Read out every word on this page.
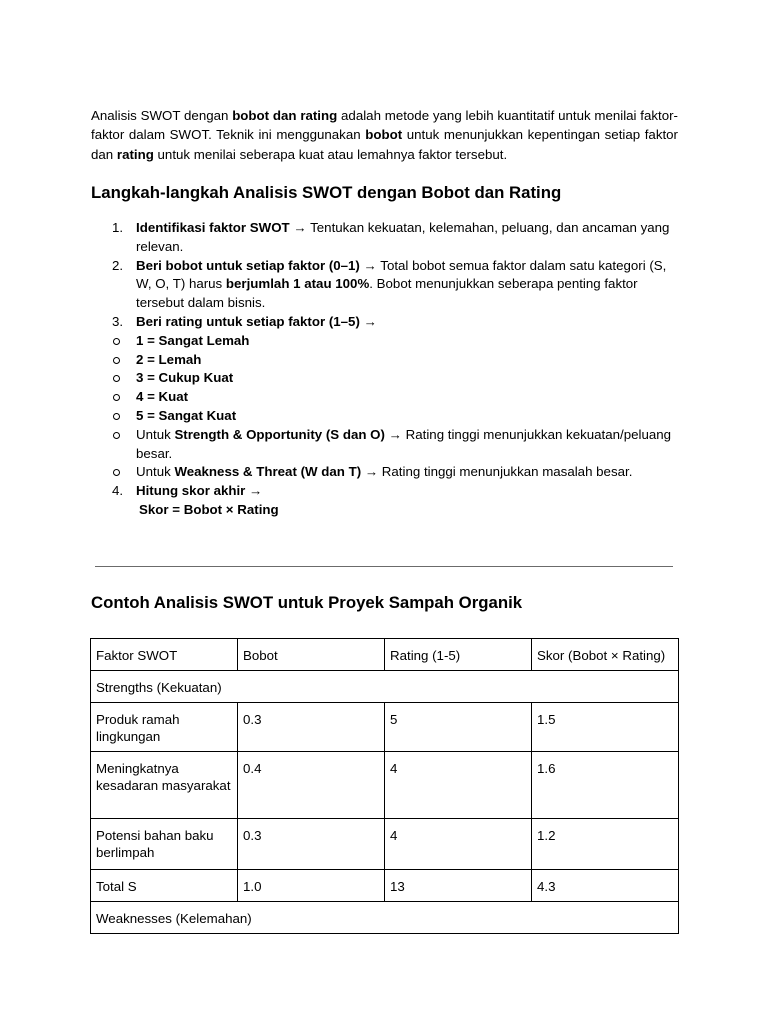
Analisis SWOT dengan bobot dan rating adalah metode yang lebih kuantitatif untuk menilai faktor-faktor dalam SWOT. Teknik ini menggunakan bobot untuk menunjukkan kepentingan setiap faktor dan rating untuk menilai seberapa kuat atau lemahnya faktor tersebut.

Langkah-langkah Analisis SWOT dengan Bobot dan Rating
1. Identifikasi faktor SWOT → Tentukan kekuatan, kelemahan, peluang, dan ancaman yang relevan.
2. Beri bobot untuk setiap faktor (0–1) → Total bobot semua faktor dalam satu kategori (S, W, O, T) harus berjumlah 1 atau 100%. Bobot menunjukkan seberapa penting faktor tersebut dalam bisnis.
3. Beri rating untuk setiap faktor (1–5) →
1 = Sangat Lemah
2 = Lemah
3 = Cukup Kuat
4 = Kuat
5 = Sangat Kuat
Untuk Strength & Opportunity (S dan O) → Rating tinggi menunjukkan kekuatan/peluang besar.
Untuk Weakness & Threat (W dan T) → Rating tinggi menunjukkan masalah besar.
4. Hitung skor akhir →
Skor = Bobot × Rating
Contoh Analisis SWOT untuk Proyek Sampah Organik
Faktor SWOT	Bobot	Rating (1-5)	Skor (Bobot × Rating)
Strengths (Kekuatan)			
Produk ramah lingkungan	0.3	5	1.5
Meningkatnya kesadaran masyarakat	0.4	4	1.6
Potensi bahan baku berlimpah	0.3	4	1.2
Total S	1.0	13	4.3
Weaknesses (Kelemahan)			
